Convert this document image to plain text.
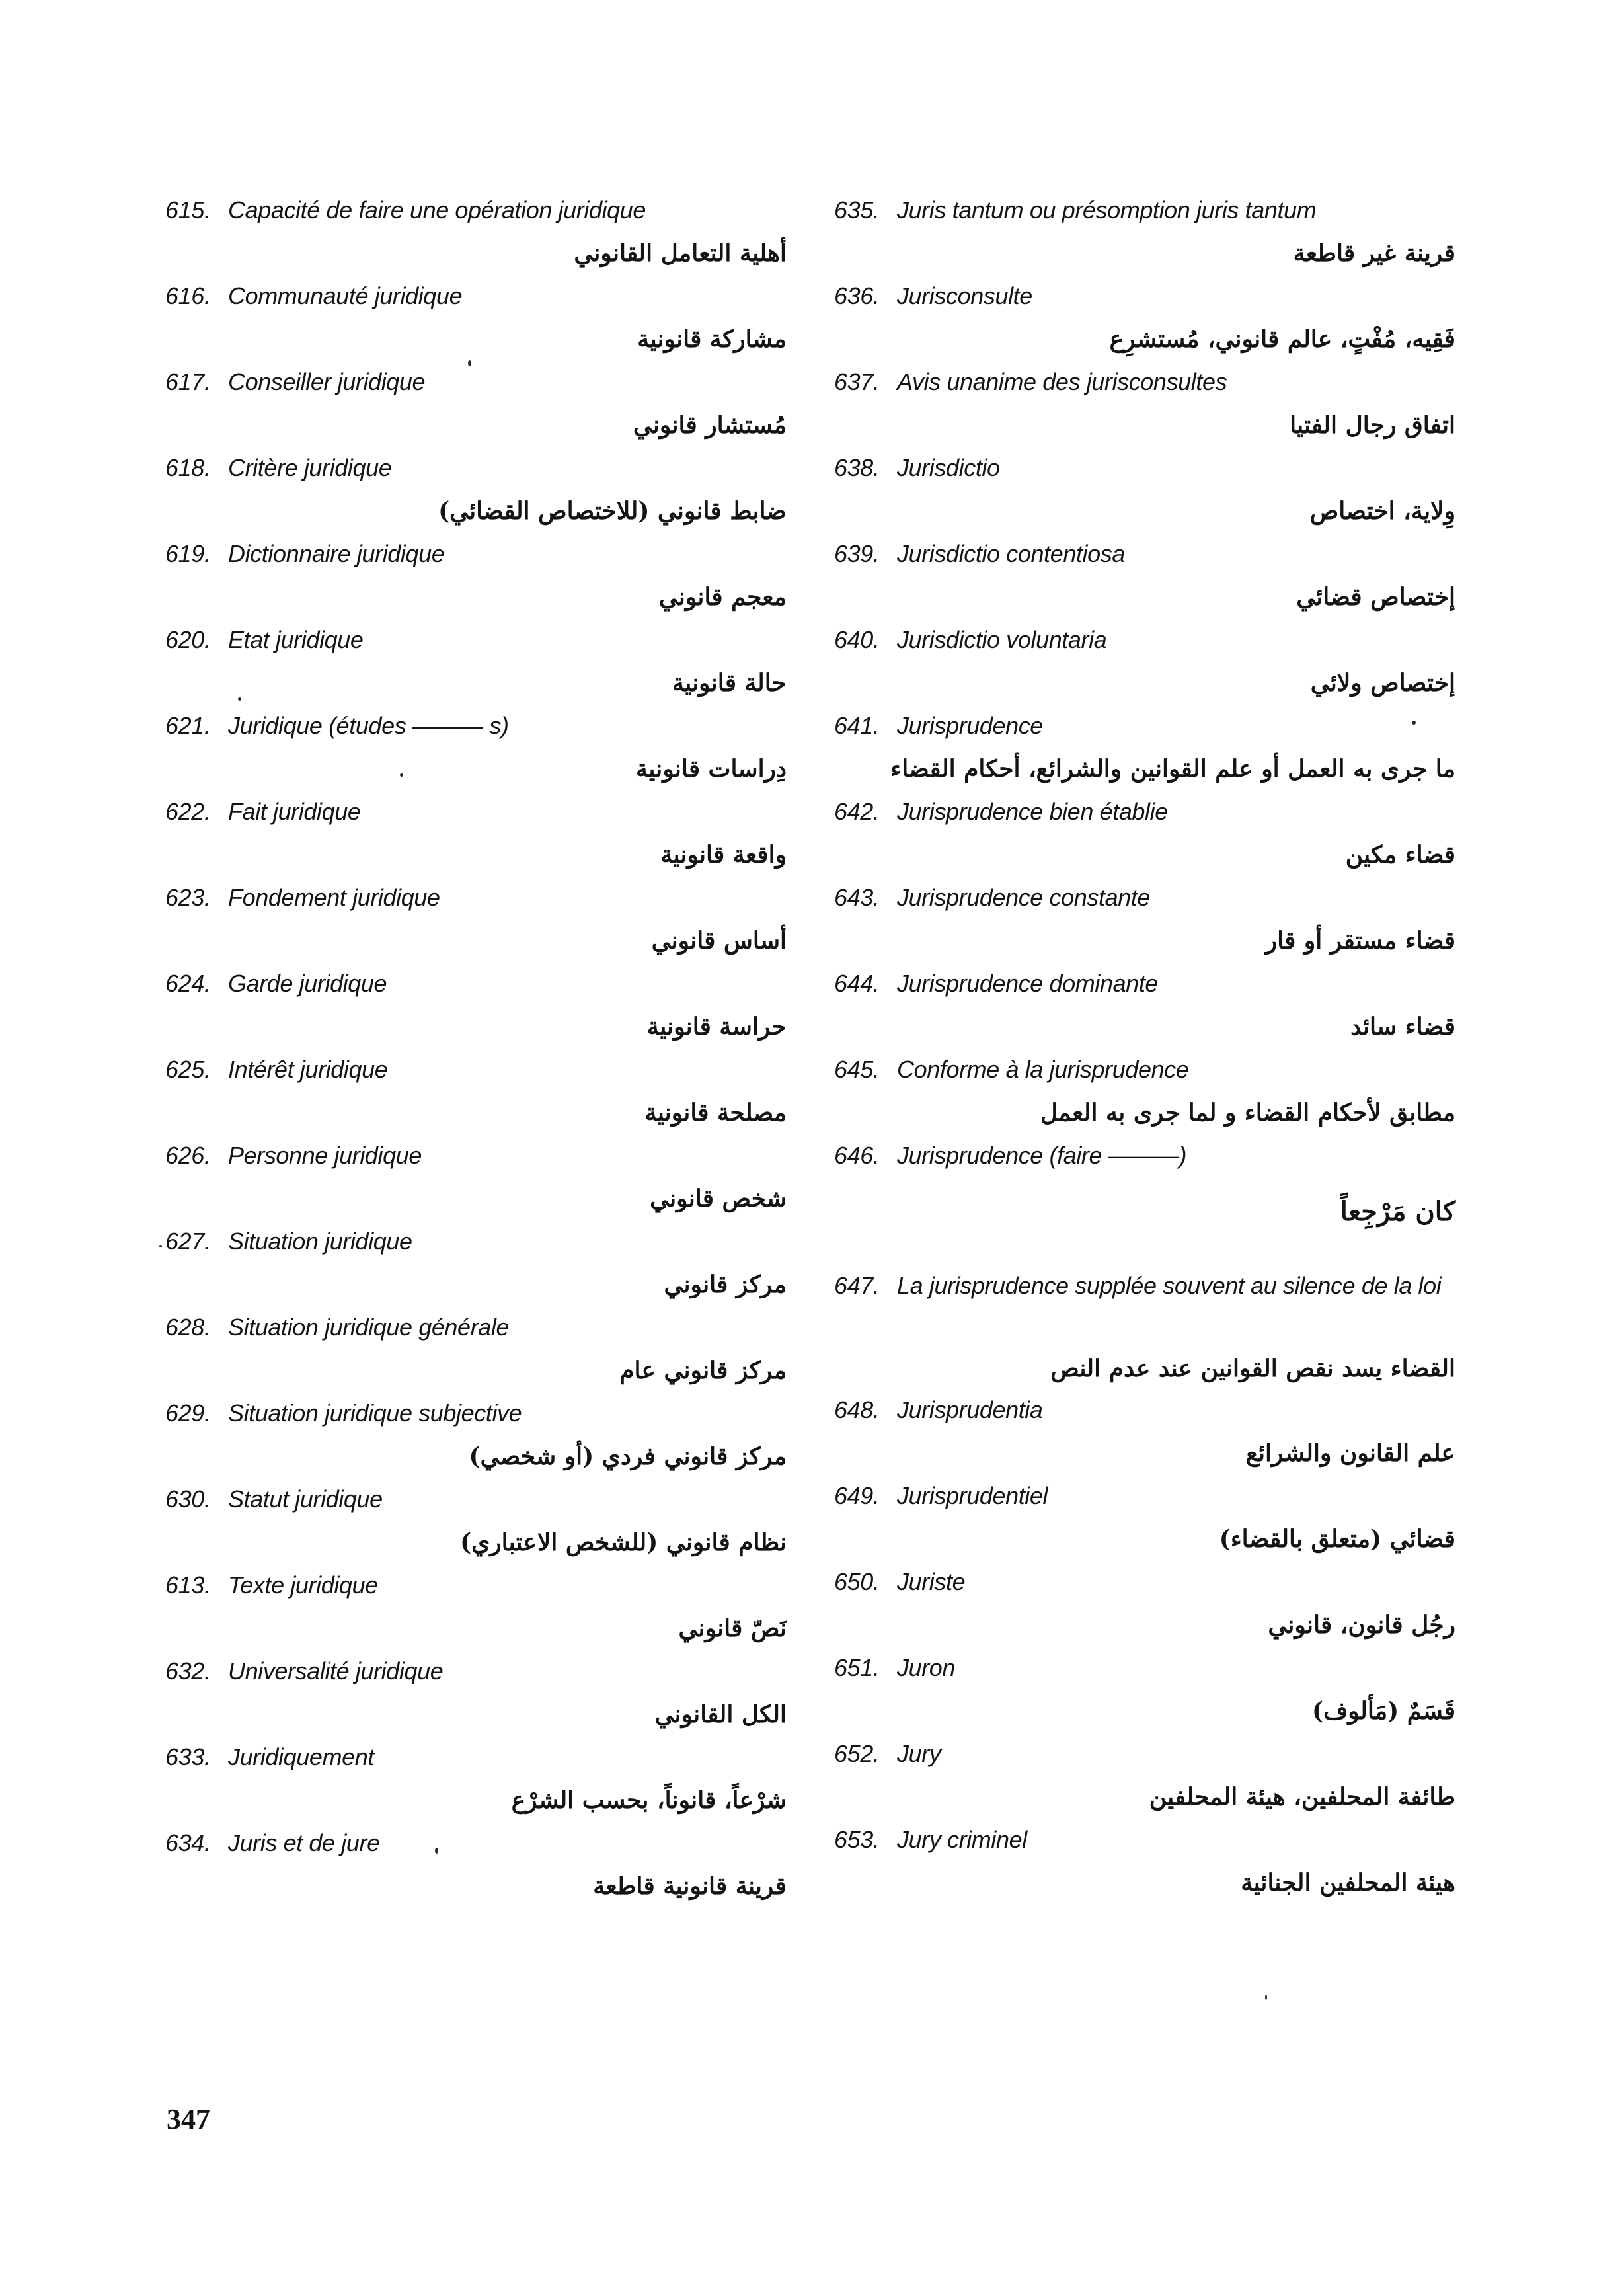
615. Capacité de faire une opération juridique
أهلية التعامل القانوني
616. Communauté juridique
مشاركة قانونية
617. Conseiller juridique
مُستشار قانوني
618. Critère juridique
ضابط قانوني (للاختصاص القضائي)
619. Dictionnaire juridique
معجم قانوني
620. Etat juridique
حالة قانونية
621. Juridique (études ——— s)
دِراسات قانونية
622. Fait juridique
واقعة قانونية
623. Fondement juridique
أساس قانوني
624. Garde juridique
حراسة قانونية
625. Intérêt juridique
مصلحة قانونية
626. Personne juridique
شخص قانوني
627. Situation juridique
مركز قانوني
628. Situation juridique générale
مركز قانوني عام
629. Situation juridique subjective
مركز قانوني فردي (أو شخصي)
630. Statut juridique
نظام قانوني (للشخص الاعتباري)
613. Texte juridique
نَصّ قانوني
632. Universalité juridique
الكل القانوني
633. Juridiquement
شرْعاً، قانوناً، بحسب الشرْع
634. Juris et de jure
قرينة قانونية قاطعة
635. Juris tantum ou présomption juris tantum
قرينة غير قاطعة
636. Jurisconsulte
فَقِيه، مُفْتٍ، عالم قانوني، مُستشرِع
637. Avis unanime des jurisconsultes
اتفاق رجال الفتيا
638. Jurisdictio
وِلاية، اختصاص
639. Jurisdictio contentiosa
إختصاص قضائي
640. Jurisdictio voluntaria
إختصاص ولائي
641. Jurisprudence
ما جرى به العمل أو علم القوانين والشرائع، أحكام القضاء
642. Jurisprudence bien établie
قضاء مكين
643. Jurisprudence constante
قضاء مستقر أو قار
644. Jurisprudence dominante
قضاء سائد
645. Conforme à la jurisprudence
مطابق لأحكام القضاء و لما جرى به العمل
646. Jurisprudence (faire ———)
كان مَرْجِعاً
647. La jurisprudence supplée souvent au silence de la loi
القضاء يسد نقص القوانين عند عدم النص
648. Jurisprudentia
علم القانون والشرائع
649. Jurisprudentiel
قضائي (متعلق بالقضاء)
650. Juriste
رجُل قانون، قانوني
651. Juron
قَسَمٌ (مَألوف)
652. Jury
طائفة المحلفين، هيئة المحلفين
653. Jury criminel
هيئة المحلفين الجنائية
347
